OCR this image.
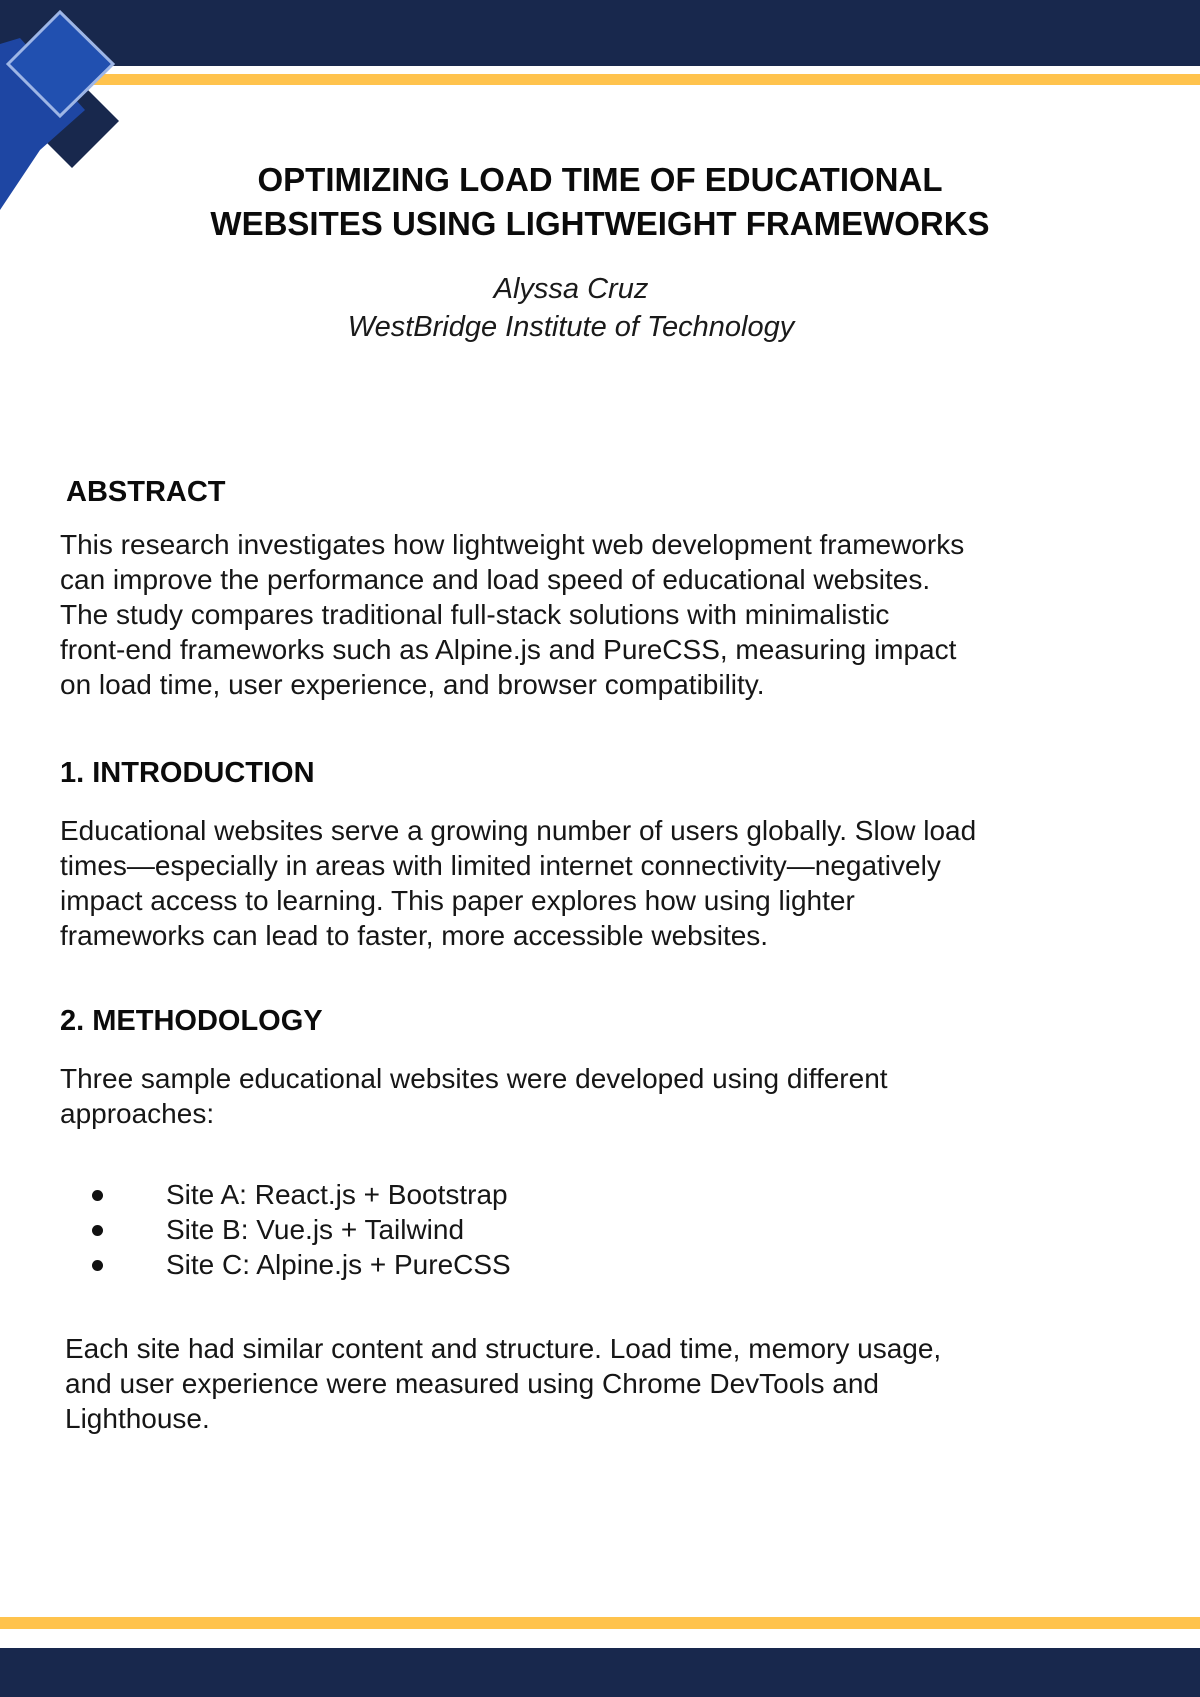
OPTIMIZING LOAD TIME OF EDUCATIONAL
WEBSITES USING LIGHTWEIGHT FRAMEWORKS
Alyssa Cruz
WestBridge Institute of Technology
ABSTRACT

This research investigates how lightweight web development frameworks
can improve the performance and load speed of educational websites.
The study compares traditional full-stack solutions with minimalistic
front-end frameworks such as Alpine.js and PureCSS, measuring impact
on load time, user experience, and browser compatibility.

1. INTRODUCTION

Educational websites serve a growing number of users globally. Slow load
times—especially in areas with limited internet connectivity—negatively
impact access to learning. This paper explores how using lighter
frameworks can lead to faster, more accessible websites.

2. METHODOLOGY

Three sample educational websites were developed using different
approaches:

Site A: React.js + Bootstrap
Site B: Vue.js + Tailwind
Site C: Alpine.js + PureCSS

Each site had similar content and structure. Load time, memory usage,
and user experience were measured using Chrome DevTools and
Lighthouse.
